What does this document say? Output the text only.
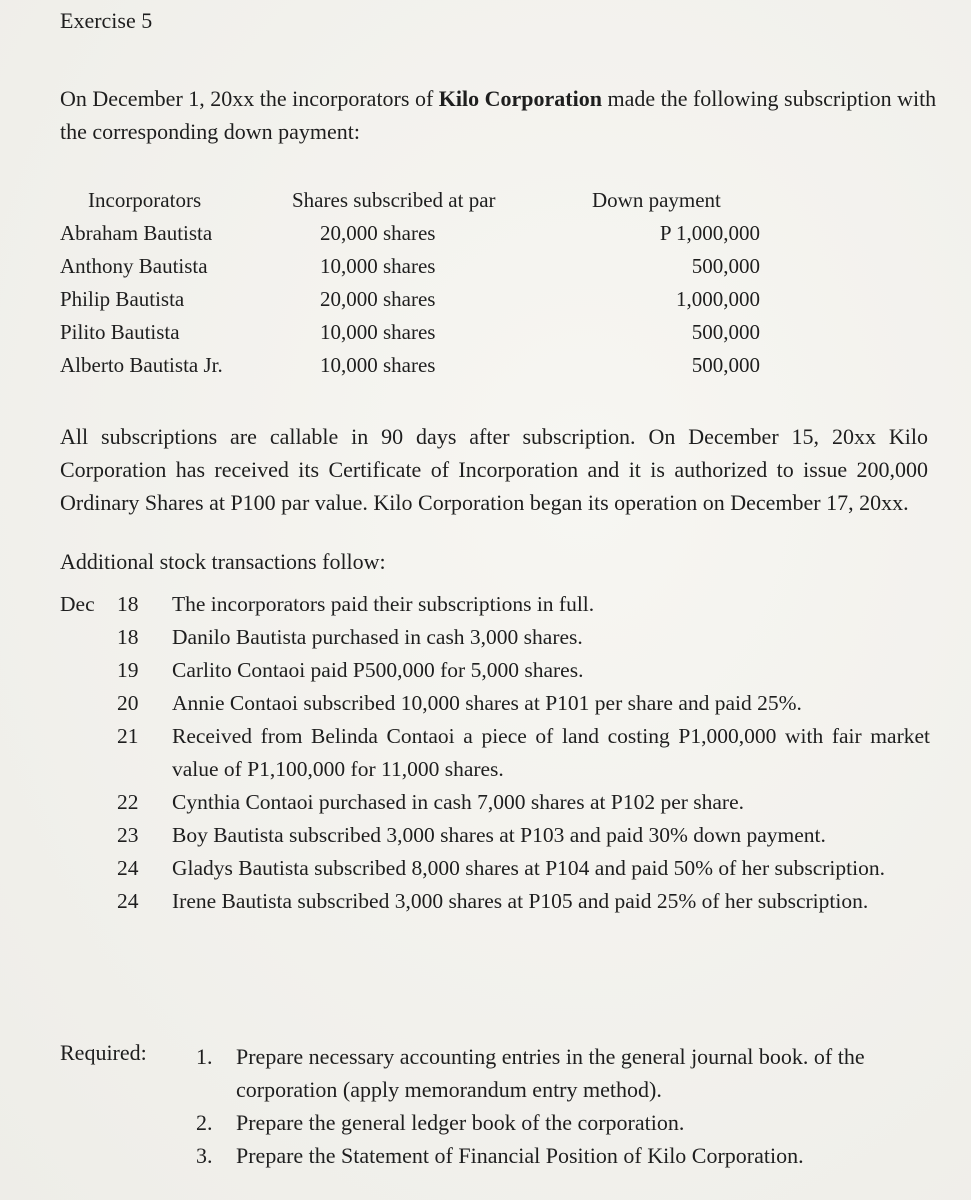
Exercise 5
On December 1, 20xx the incorporators of Kilo Corporation made the following subscription with the corresponding down payment:
Incorporators	Shares subscribed at par	Down payment
Abraham Bautista	20,000 shares	P 1,000,000
Anthony Bautista	10,000 shares	500,000
Philip Bautista	20,000 shares	1,000,000
Pilito Bautista	10,000 shares	500,000
Alberto Bautista Jr.	10,000 shares	500,000
All subscriptions are callable in 90 days after subscription. On December 15, 20xx Kilo Corporation has received its Certificate of Incorporation and it is authorized to issue 200,000 Ordinary Shares at P100 par value. Kilo Corporation began its operation on December 17, 20xx.
Additional stock transactions follow:
Dec 18 The incorporators paid their subscriptions in full.
18 Danilo Bautista purchased in cash 3,000 shares.
19 Carlito Contaoi paid P500,000 for 5,000 shares.
20 Annie Contaoi subscribed 10,000 shares at P101 per share and paid 25%.
21 Received from Belinda Contaoi a piece of land costing P1,000,000 with fair market value of P1,100,000 for 11,000 shares.
22 Cynthia Contaoi purchased in cash 7,000 shares at P102 per share.
23 Boy Bautista subscribed 3,000 shares at P103 and paid 30% down payment.
24 Gladys Bautista subscribed 8,000 shares at P104 and paid 50% of her subscription.
24 Irene Bautista subscribed 3,000 shares at P105 and paid 25% of her subscription.
Required: 1.	Prepare necessary accounting entries in the general journal book. of the corporation (apply memorandum entry method).
2.	Prepare the general ledger book of the corporation.
3.	Prepare the Statement of Financial Position of Kilo Corporation.
